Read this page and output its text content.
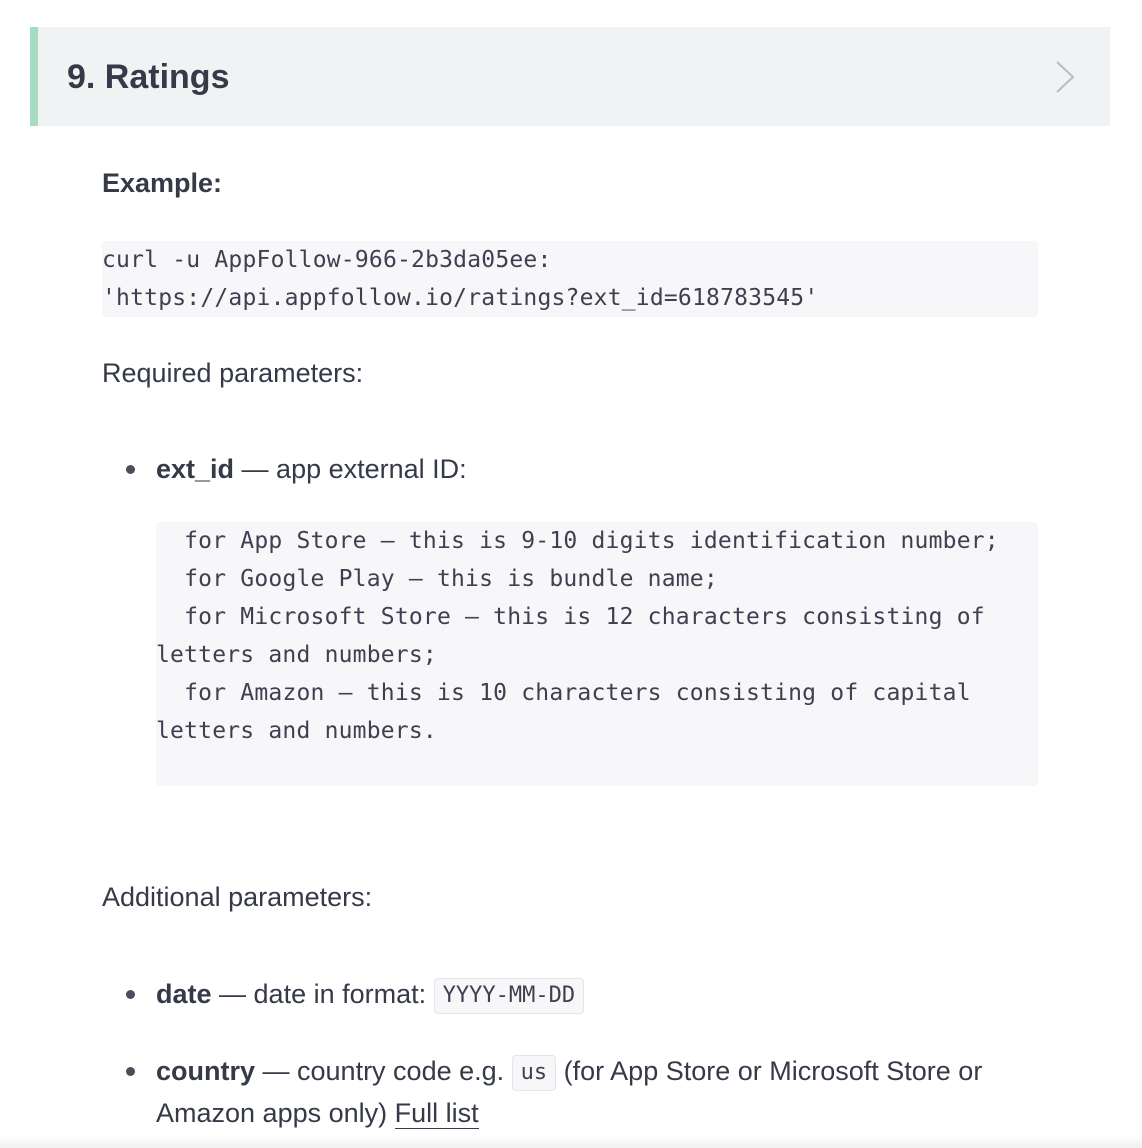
9. Ratings

Example:

curl -u AppFollow-966-2b3da05ee:
'https://api.appfollow.io/ratings?ext_id=618783545'

Required parameters:

ext_id — app external ID:
for App Store — this is 9-10 digits identification number;
for Google Play — this is bundle name;
for Microsoft Store — this is 12 characters consisting of letters and numbers;
for Amazon — this is 10 characters consisting of capital letters and numbers.

Additional parameters:

date — date in format: YYYY-MM-DD
country — country code e.g. us (for App Store or Microsoft Store or Amazon apps only) Full list
